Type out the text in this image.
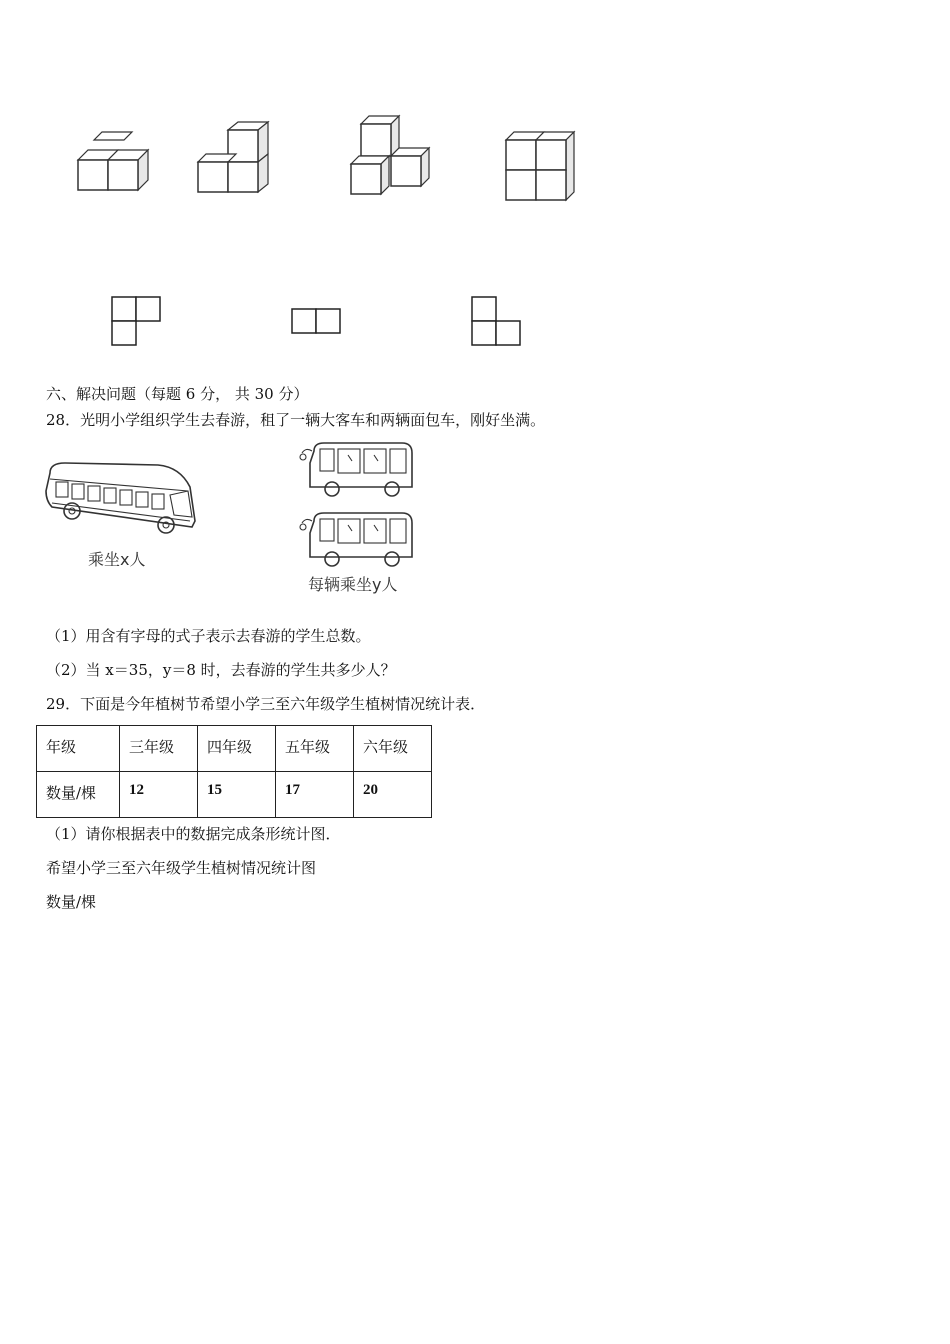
六、解决问题（每题 6 分， 共 30 分）
28．光明小学组织学生去春游，租了一辆大客车和两辆面包车，刚好坐满。
乘坐x人
每辆乘坐y人
（1）用含有字母的式子表示去春游的学生总数。
（2）当 x＝35，y＝8 时，去春游的学生共多少人？
29．下面是今年植树节希望小学三至六年级学生植树情况统计表．
年级	三年级	四年级	五年级	六年级
数量/棵	12	15	17	20
（1）请你根据表中的数据完成条形统计图．
希望小学三至六年级学生植树情况统计图
数量/棵
